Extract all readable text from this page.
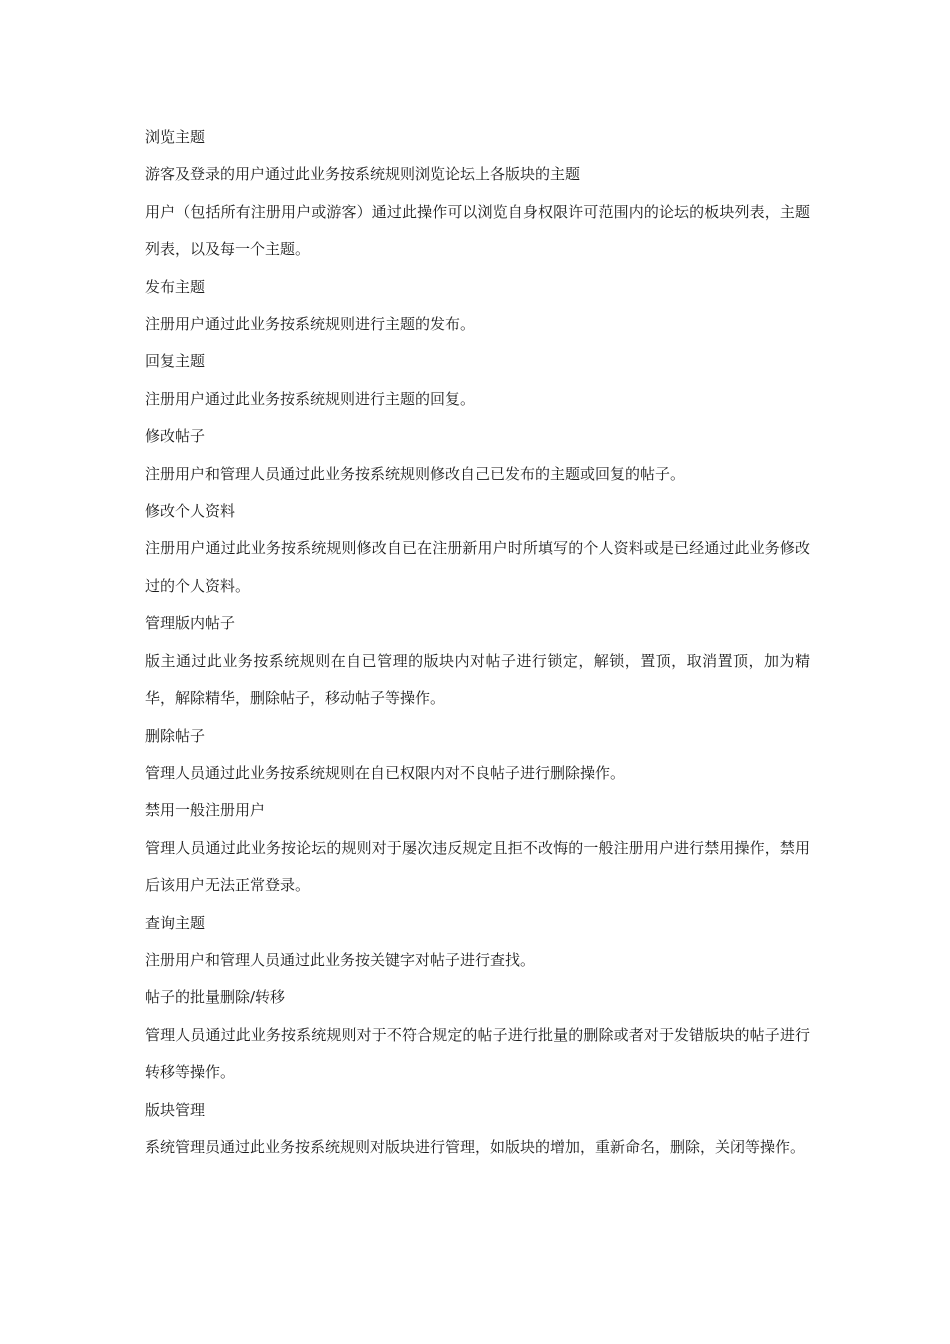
浏览主题
游客及登录的用户通过此业务按系统规则浏览论坛上各版块的主题
用户（包括所有注册用户或游客）通过此操作可以浏览自身权限许可范围内的论坛的板块列表，主题列表，以及每一个主题。
发布主题
注册用户通过此业务按系统规则进行主题的发布。
回复主题
注册用户通过此业务按系统规则进行主题的回复。
修改帖子
注册用户和管理人员通过此业务按系统规则修改自己已发布的主题或回复的帖子。
修改个人资料
注册用户通过此业务按系统规则修改自已在注册新用户时所填写的个人资料或是已经通过此业务修改过的个人资料。
管理版内帖子
版主通过此业务按系统规则在自已管理的版块内对帖子进行锁定，解锁，置顶，取消置顶，加为精华，解除精华，删除帖子，移动帖子等操作。
删除帖子
管理人员通过此业务按系统规则在自已权限内对不良帖子进行删除操作。
禁用一般注册用户
管理人员通过此业务按论坛的规则对于屡次违反规定且拒不改悔的一般注册用户进行禁用操作，禁用后该用户无法正常登录。
查询主题
注册用户和管理人员通过此业务按关键字对帖子进行查找。
帖子的批量删除/转移
管理人员通过此业务按系统规则对于不符合规定的帖子进行批量的删除或者对于发错版块的帖子进行转移等操作。
版块管理
系统管理员通过此业务按系统规则对版块进行管理，如版块的增加，重新命名，删除，关闭等操作。
